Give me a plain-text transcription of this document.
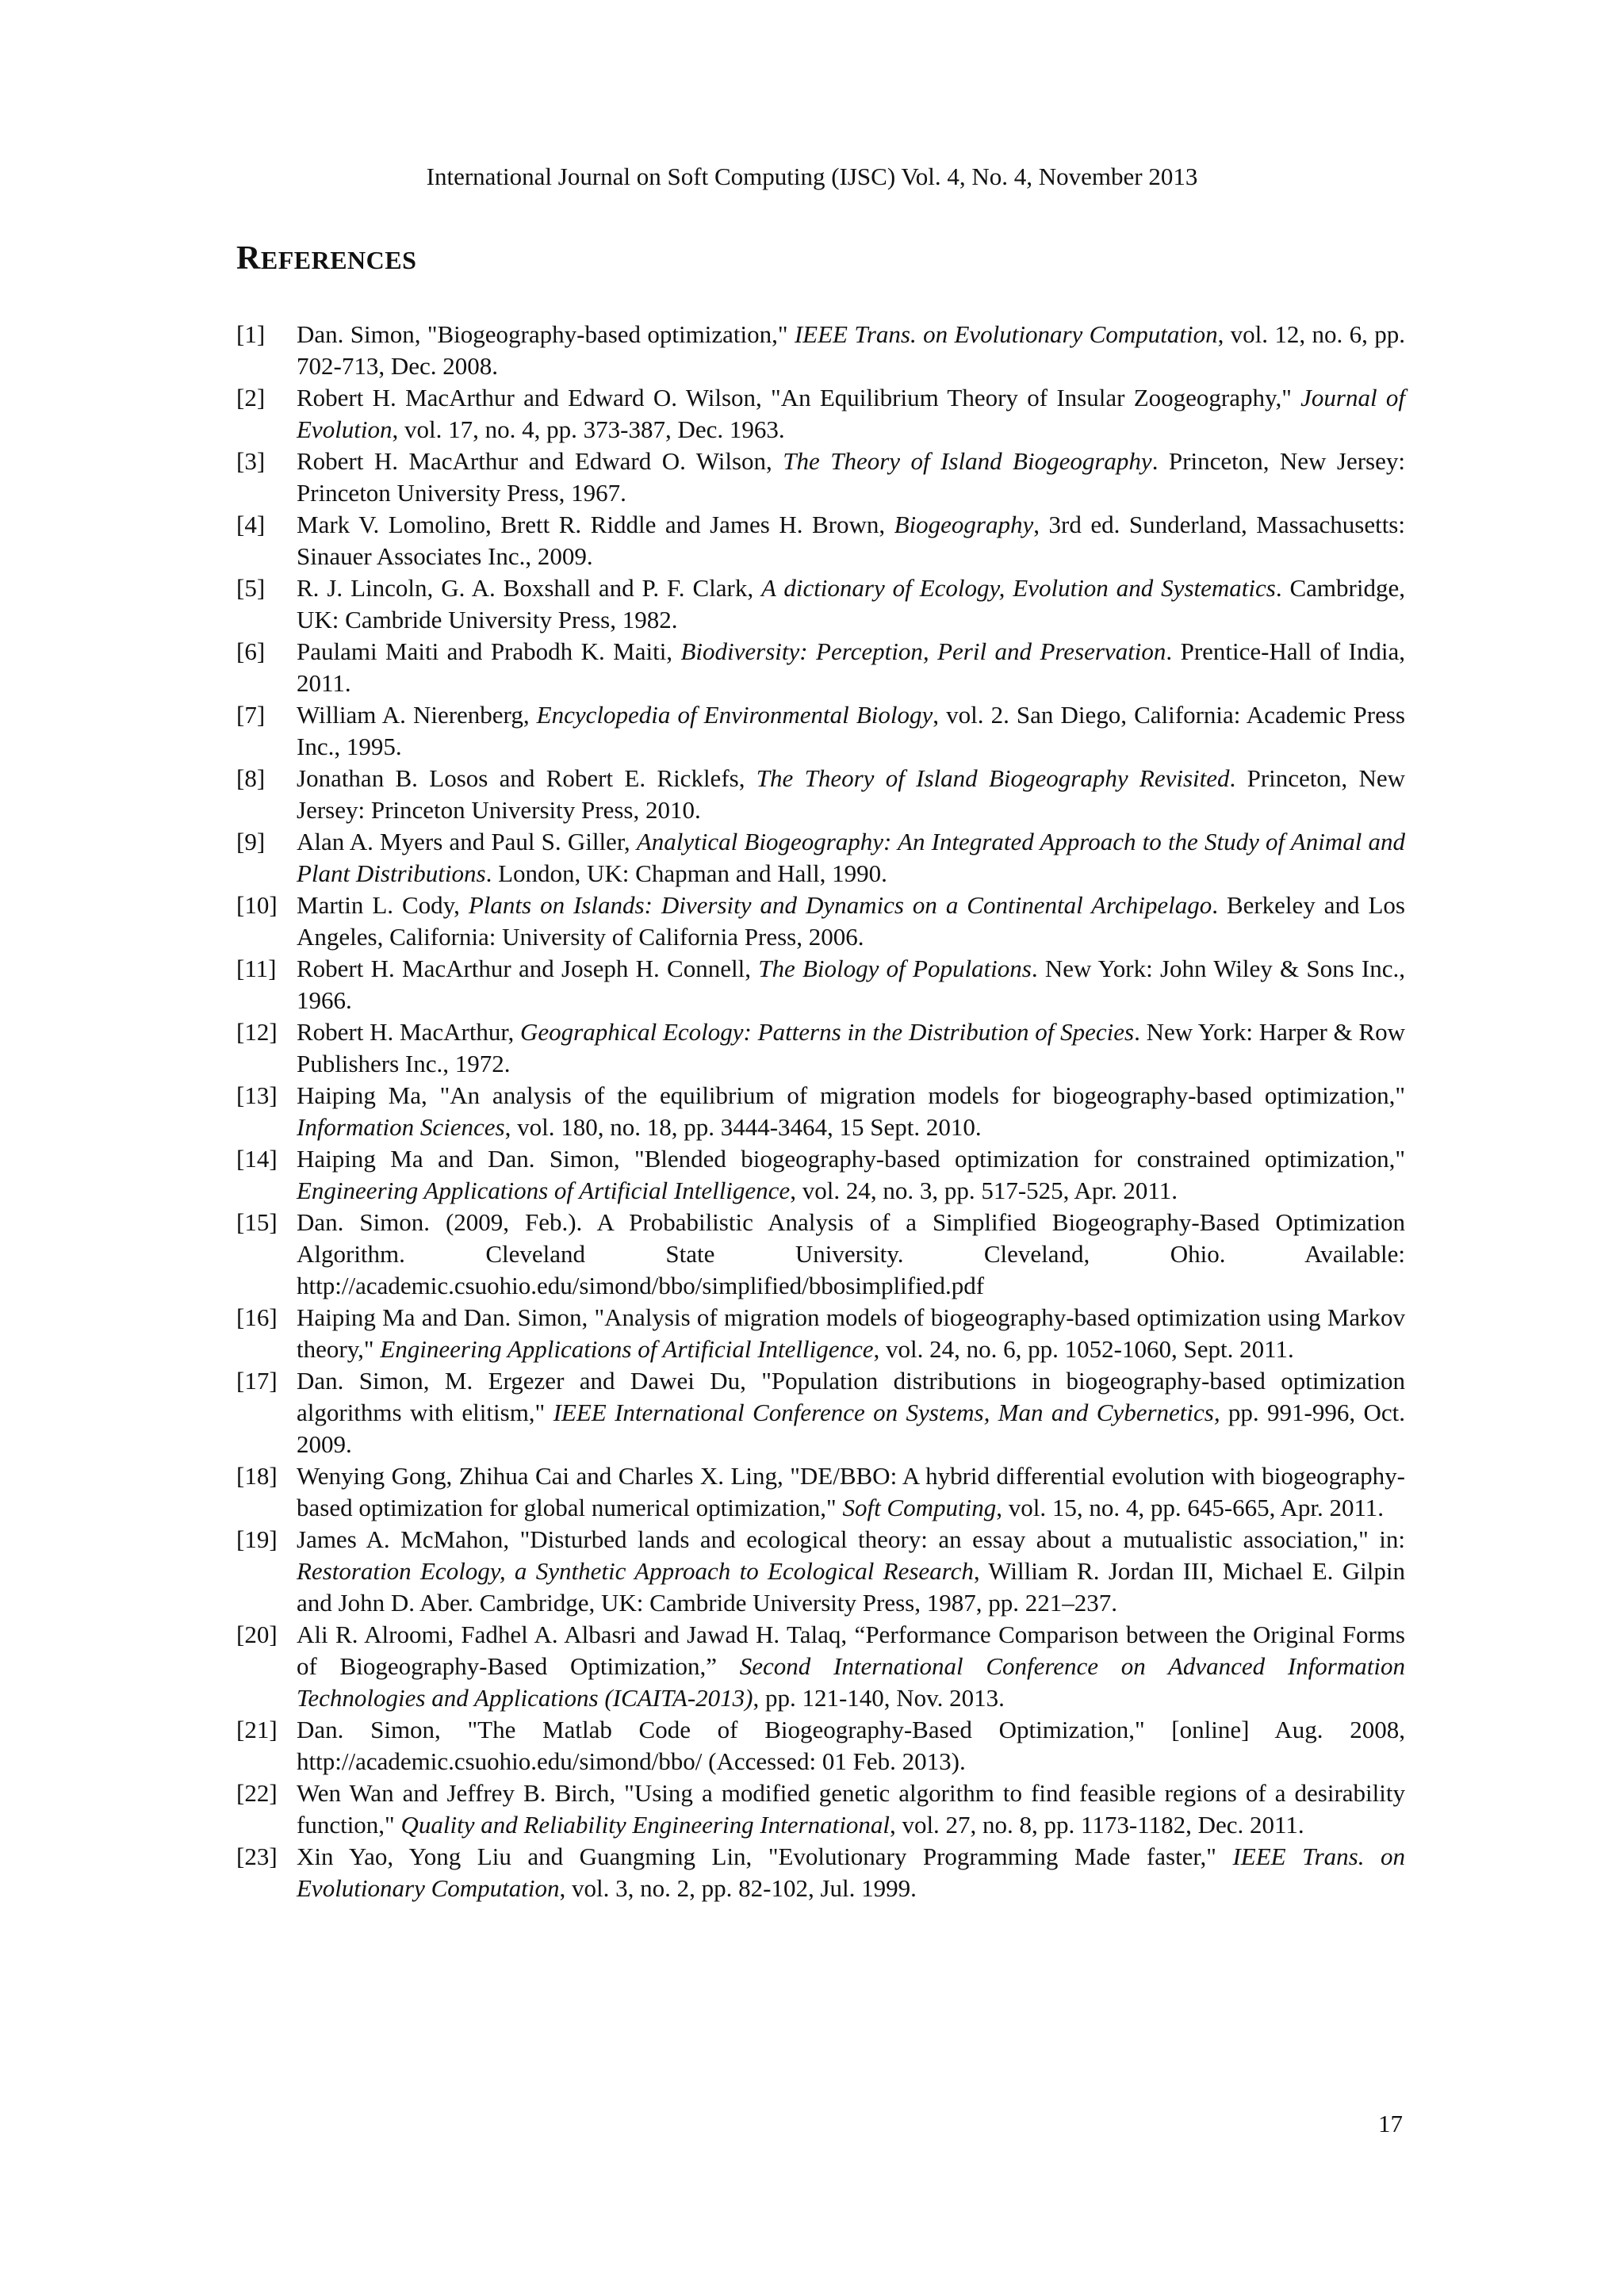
International Journal on Soft Computing (IJSC) Vol. 4, No. 4, November 2013
REFERENCES
[1]	Dan. Simon, "Biogeography-based optimization," IEEE Trans. on Evolutionary Computation, vol. 12, no. 6, pp. 702-713, Dec. 2008.
[2]	Robert H. MacArthur and Edward O. Wilson, "An Equilibrium Theory of Insular Zoogeography," Journal of Evolution, vol. 17, no. 4, pp. 373-387, Dec. 1963.
[3]	Robert H. MacArthur and Edward O. Wilson, The Theory of Island Biogeography. Princeton, New Jersey: Princeton University Press, 1967.
[4]	Mark V. Lomolino, Brett R. Riddle and James H. Brown, Biogeography, 3rd ed. Sunderland, Massachusetts: Sinauer Associates Inc., 2009.
[5]	R. J. Lincoln, G. A. Boxshall and P. F. Clark, A dictionary of Ecology, Evolution and Systematics. Cambridge, UK: Cambride University Press, 1982.
[6]	Paulami Maiti and Prabodh K. Maiti, Biodiversity: Perception, Peril and Preservation. Prentice-Hall of India, 2011.
[7]	William A. Nierenberg, Encyclopedia of Environmental Biology, vol. 2. San Diego, California: Academic Press Inc., 1995.
[8]	Jonathan B. Losos and Robert E. Ricklefs, The Theory of Island Biogeography Revisited. Princeton, New Jersey: Princeton University Press, 2010.
[9]	Alan A. Myers and Paul S. Giller, Analytical Biogeography: An Integrated Approach to the Study of Animal and Plant Distributions. London, UK: Chapman and Hall, 1990.
[10] Martin L. Cody, Plants on Islands: Diversity and Dynamics on a Continental Archipelago. Berkeley and Los Angeles, California: University of California Press, 2006.
[11] Robert H. MacArthur and Joseph H. Connell, The Biology of Populations. New York: John Wiley & Sons Inc., 1966.
[12] Robert H. MacArthur, Geographical Ecology: Patterns in the Distribution of Species. New York: Harper & Row Publishers Inc., 1972.
[13] Haiping Ma, "An analysis of the equilibrium of migration models for biogeography-based optimization," Information Sciences, vol. 180, no. 18, pp. 3444-3464, 15 Sept. 2010.
[14] Haiping Ma and Dan. Simon, "Blended biogeography-based optimization for constrained optimization," Engineering Applications of Artificial Intelligence, vol. 24, no. 3, pp. 517-525, Apr. 2011.
[15] Dan. Simon. (2009, Feb.). A Probabilistic Analysis of a Simplified Biogeography-Based Optimization Algorithm. Cleveland State University. Cleveland, Ohio. Available: http://academic.csuohio.edu/simond/bbo/simplified/bbosimplified.pdf
[16] Haiping Ma and Dan. Simon, "Analysis of migration models of biogeography-based optimization using Markov theory," Engineering Applications of Artificial Intelligence, vol. 24, no. 6, pp. 1052-1060, Sept. 2011.
[17] Dan. Simon, M. Ergezer and Dawei Du, "Population distributions in biogeography-based optimization algorithms with elitism," IEEE International Conference on Systems, Man and Cybernetics, pp. 991-996, Oct. 2009.
[18] Wenying Gong, Zhihua Cai and Charles X. Ling, "DE/BBO: A hybrid differential evolution with biogeography-based optimization for global numerical optimization," Soft Computing, vol. 15, no. 4, pp. 645-665, Apr. 2011.
[19] James A. McMahon, "Disturbed lands and ecological theory: an essay about a mutualistic association," in: Restoration Ecology, a Synthetic Approach to Ecological Research, William R. Jordan III, Michael E. Gilpin and John D. Aber. Cambridge, UK: Cambride University Press, 1987, pp. 221–237.
[20] Ali R. Alroomi, Fadhel A. Albasri and Jawad H. Talaq, “Performance Comparison between the Original Forms of Biogeography-Based Optimization,” Second International Conference on Advanced Information Technologies and Applications (ICAITA-2013), pp. 121-140, Nov. 2013.
[21] Dan. Simon, "The Matlab Code of Biogeography-Based Optimization," [online] Aug. 2008, http://academic.csuohio.edu/simond/bbo/ (Accessed: 01 Feb. 2013).
[22] Wen Wan and Jeffrey B. Birch, "Using a modified genetic algorithm to find feasible regions of a desirability function," Quality and Reliability Engineering International, vol. 27, no. 8, pp. 1173-1182, Dec. 2011.
[23] Xin Yao, Yong Liu and Guangming Lin, "Evolutionary Programming Made faster," IEEE Trans. on Evolutionary Computation, vol. 3, no. 2, pp. 82-102, Jul. 1999.
17
